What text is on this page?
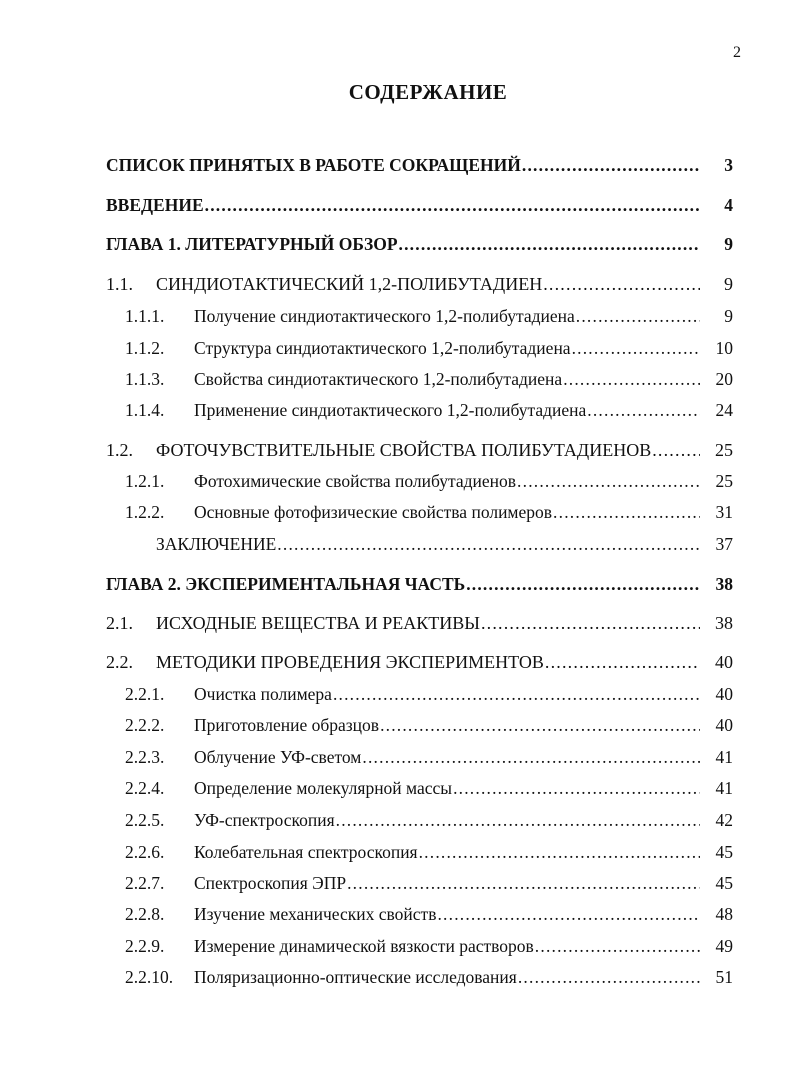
2
СОДЕРЖАНИЕ
СПИСОК ПРИНЯТЫХ В РАБОТЕ СОКРАЩЕНИЙ .....	3
ВВЕДЕНИЕ .....	4
ГЛАВА 1. ЛИТЕРАТУРНЫЙ ОБЗОР .....	9
1.1. СИНДИОТАКТИЧЕСКИЙ 1,2-ПОЛИБУТАДИЕН .....	9
1.1.1. Получение синдиотактического 1,2-полибутадиена .....	9
1.1.2. Структура синдиотактического 1,2-полибутадиена .....	10
1.1.3. Свойства синдиотактического 1,2-полибутадиена .....	20
1.1.4. Применение синдиотактического 1,2-полибутадиена .....	24
1.2. ФОТОЧУВСТВИТЕЛЬНЫЕ СВОЙСТВА ПОЛИБУТАДИЕНОВ .....	25
1.2.1. Фотохимические свойства полибутадиенов .....	25
1.2.2. Основные фотофизические свойства полимеров .....	31
ЗАКЛЮЧЕНИЕ .....	37
ГЛАВА 2. ЭКСПЕРИМЕНТАЛЬНАЯ ЧАСТЬ .....	38
2.1. ИСХОДНЫЕ ВЕЩЕСТВА И РЕАКТИВЫ .....	38
2.2. МЕТОДИКИ ПРОВЕДЕНИЯ ЭКСПЕРИМЕНТОВ .....	40
2.2.1. Очистка полимера .....	40
2.2.2. Приготовление образцов .....	40
2.2.3. Облучение УФ-светом .....	41
2.2.4. Определение молекулярной массы .....	41
2.2.5. УФ-спектроскопия .....	42
2.2.6. Колебательная спектроскопия .....	45
2.2.7. Спектроскопия ЭПР .....	45
2.2.8. Изучение механических свойств .....	48
2.2.9. Измерение динамической вязкости растворов .....	49
2.2.10. Поляризационно-оптические исследования .....	51
